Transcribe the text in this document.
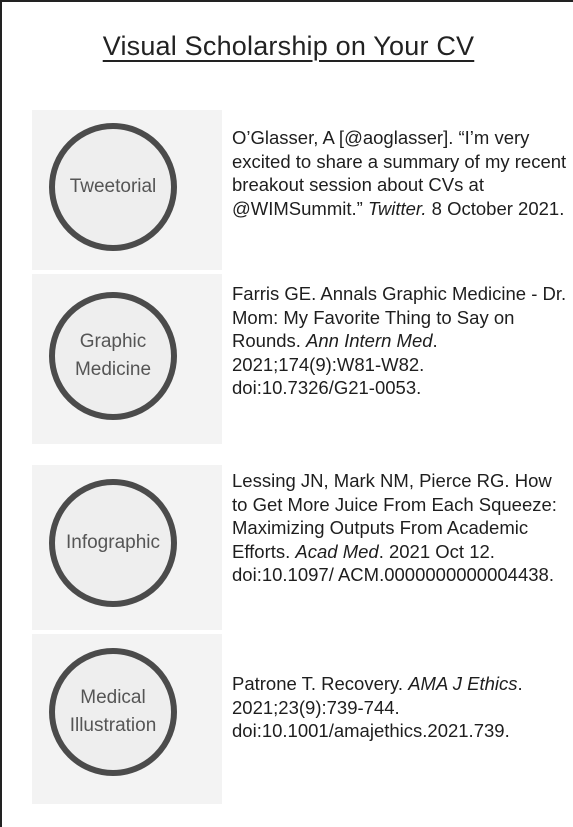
Visual Scholarship on Your CV
Tweetorial
O’Glasser, A [@aoglasser]. “I’m very excited to share a summary of my recent breakout session about CVs at @WIMSummit.” Twitter. 8 October 2021.
Graphic
Medicine
Farris GE. Annals Graphic Medicine - Dr. Mom: My Favorite Thing to Say on Rounds. Ann Intern Med. 2021;174(9):W81-W82. doi:10.7326/G21-0053.
Infographic
Lessing JN, Mark NM, Pierce RG. How to Get More Juice From Each Squeeze: Maximizing Outputs From Academic Efforts. Acad Med. 2021 Oct 12. doi:10.1097/ ACM.0000000000004438.
Medical
Illustration
Patrone T. Recovery. AMA J Ethics. 2021;23(9):739-744. doi:10.1001/amajethics.2021.739.
